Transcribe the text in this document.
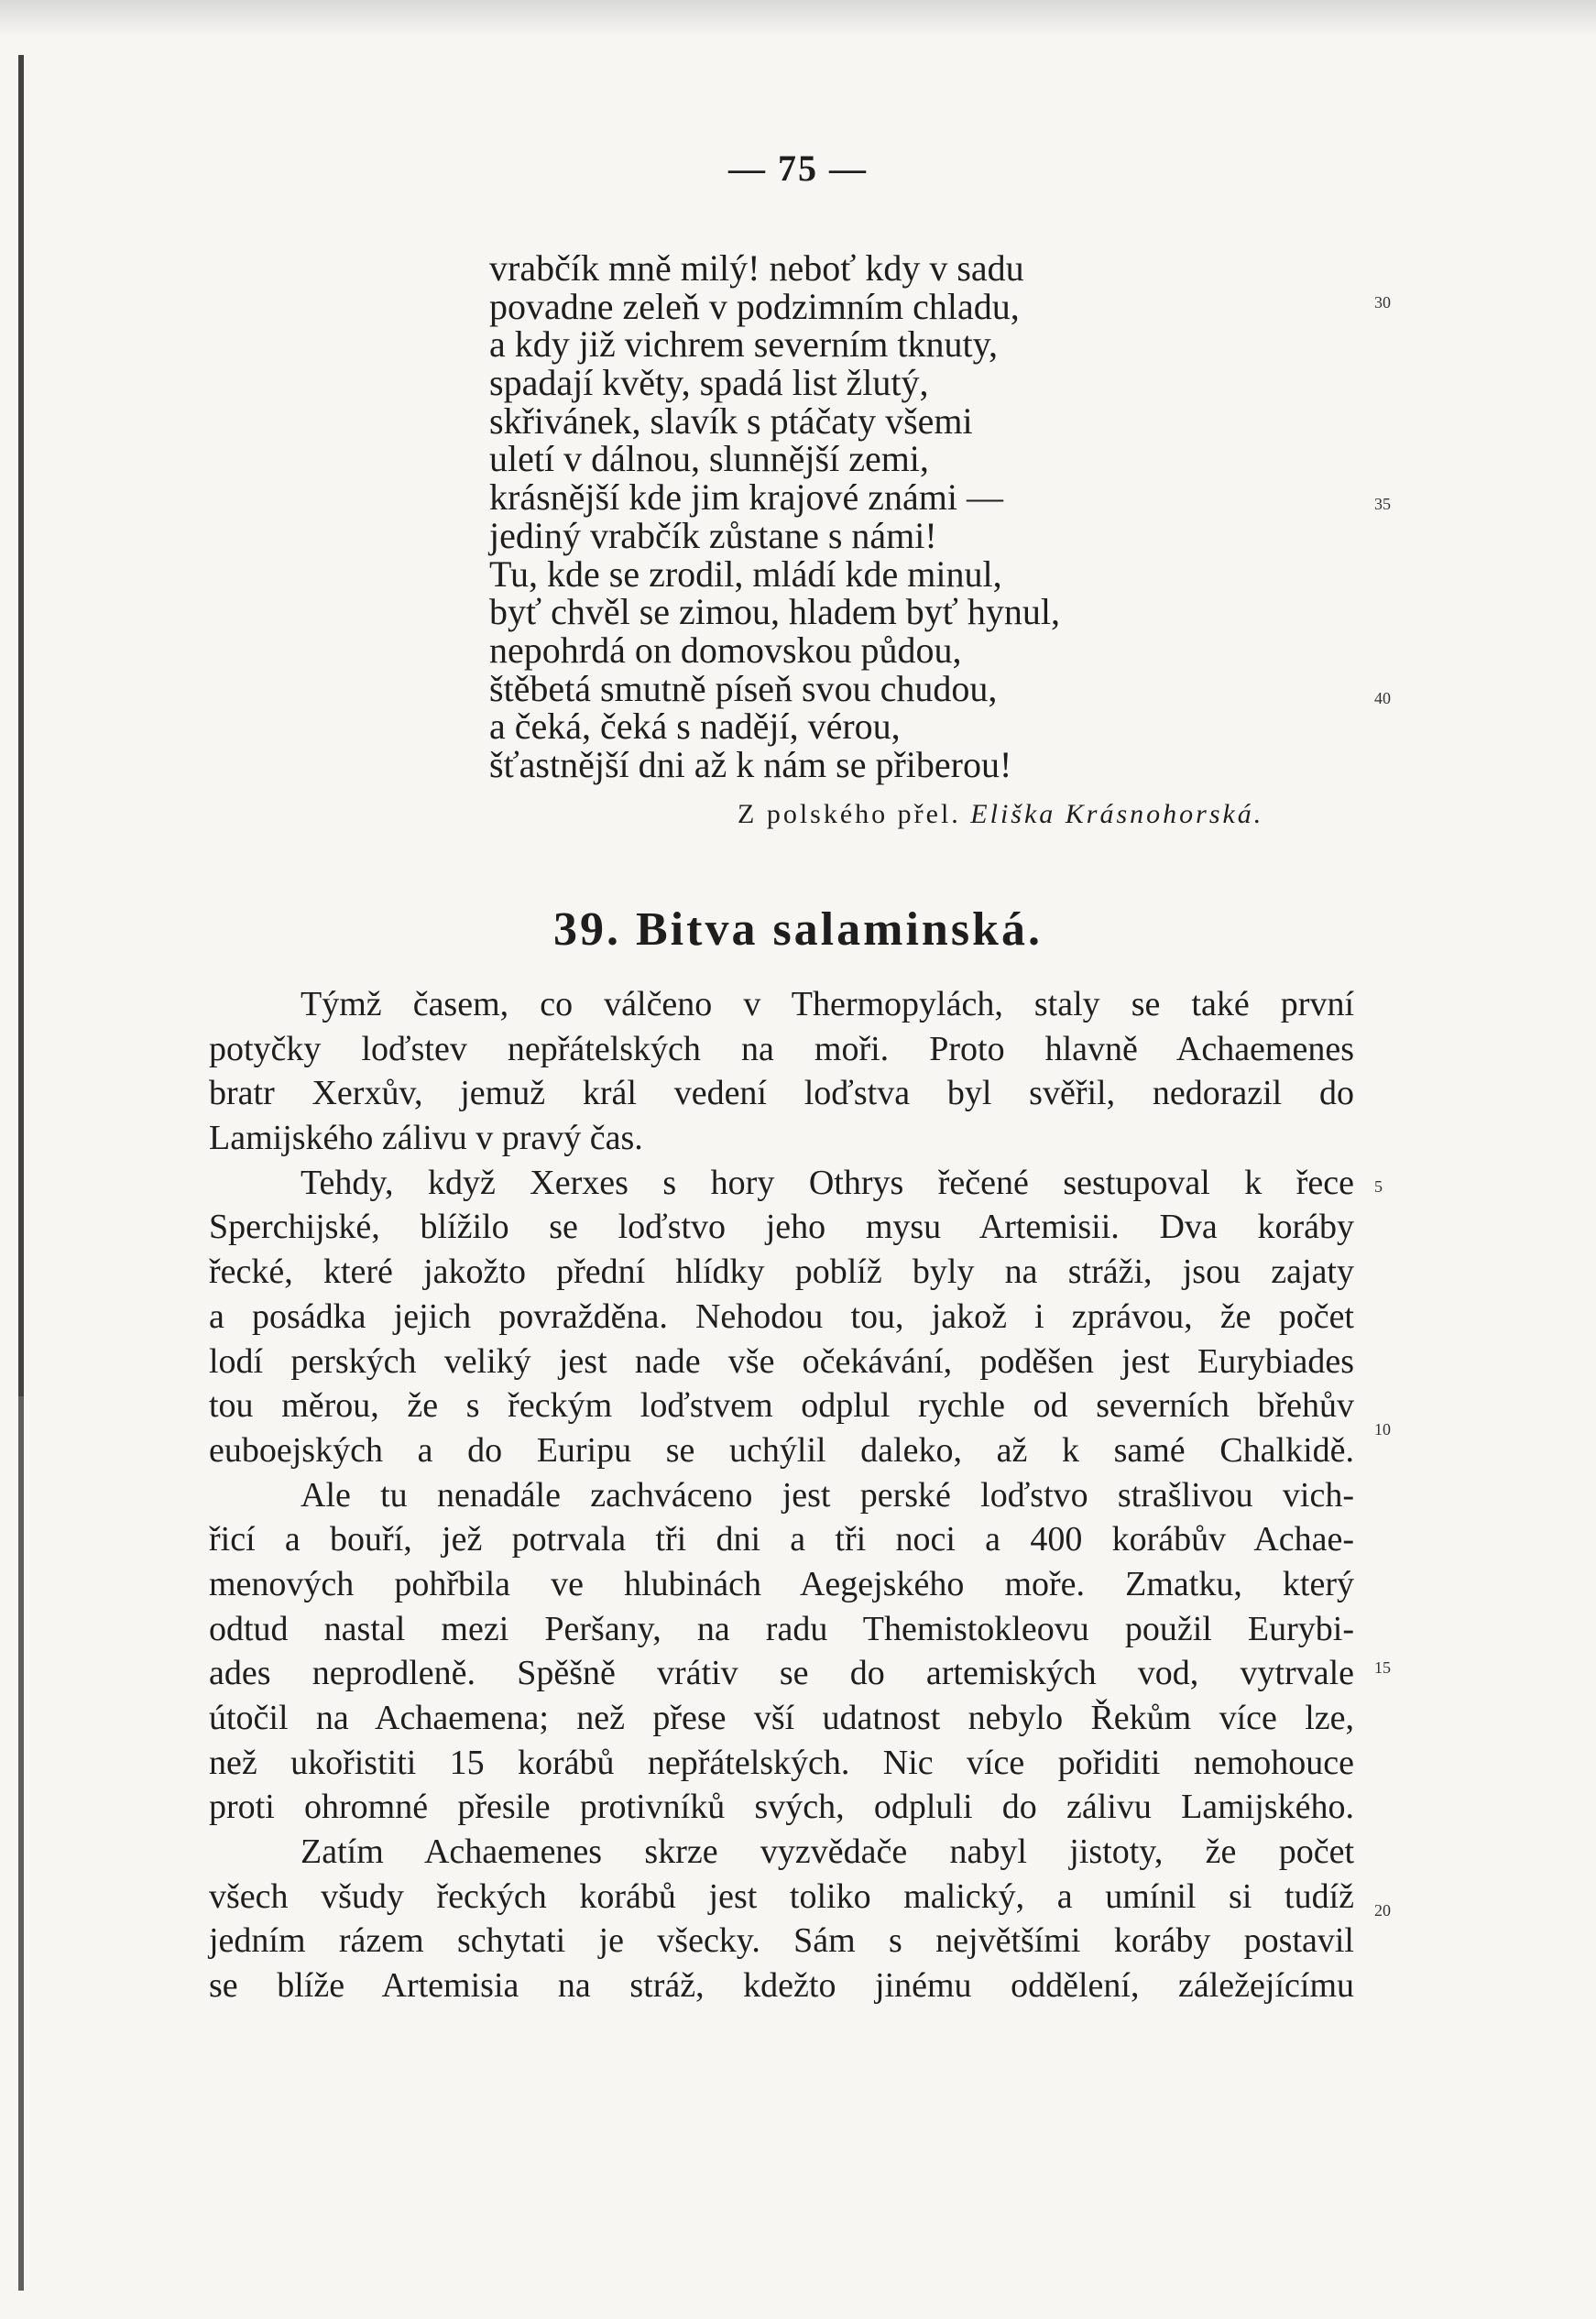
— 75 —
vrabčík mně milý! neboť kdy v sadu
povadne zeleň v podzimním chladu,
a kdy již vichrem severním tknuty,
spadají květy, spadá list žlutý,
skřivánek, slavík s ptáčaty všemi
uletí v dálnou, slunnější zemi,
krásnější kde jim krajové známi —
jediný vrabčík zůstane s námi!
Tu, kde se zrodil, mládí kde minul,
byť chvěl se zimou, hladem byť hynul,
nepohrdá on domovskou půdou,
štěbetá smutně píseň svou chudou,
a čeká, čeká s nadějí, vérou,
šťastnější dni až k nám se přiberou!
30
35
40
Z polského přel. Eliška Krásnohorská.
39. Bitva salaminská.
Týmž časem, co válčeno v Thermopylách, staly se také první
potyčky loďstev nepřátelských na moři. Proto hlavně Achaemenes
bratr Xerxův, jemuž král vedení loďstva byl svěřil, nedorazil do
Lamijského zálivu v pravý čas.
Tehdy, když Xerxes s hory Othrys řečené sestupoval k řece
Sperchijské, blížilo se loďstvo jeho mysu Artemisii. Dva koráby
řecké, které jakožto přední hlídky poblíž byly na stráži, jsou zajaty
a posádka jejich povražděna. Nehodou tou, jakož i zprávou, že počet
lodí perských veliký jest nade vše očekávání, poděšen jest Eurybiades
tou měrou, že s řeckým loďstvem odplul rychle od severních břehův
euboejských a do Euripu se uchýlil daleko, až k samé Chalkidě.
Ale tu nenadále zachváceno jest perské loďstvo strašlivou vich-
řicí a bouří, jež potrvala tři dni a tři noci a 400 korábův Achae-
menových pohřbila ve hlubinách Aegejského moře. Zmatku, který
odtud nastal mezi Peršany, na radu Themistokleovu použil Eurybi-
ades neprodleně. Spěšně vrátiv se do artemiských vod, vytrvale
útočil na Achaemena; než přese vší udatnost nebylo Řekům více lze,
než ukořistiti 15 korábů nepřátelských. Nic více pořiditi nemohouce
proti ohromné přesile protivníků svých, odpluli do zálivu Lamijského.
Zatím Achaemenes skrze vyzvědače nabyl jistoty, že počet
všech všudy řeckých korábů jest toliko malický, a umínil si tudíž
jedním rázem schytati je všecky. Sám s největšími koráby postavil
se blíže Artemisia na stráž, kdežto jinému oddělení, záležejícímu
5
10
15
20
